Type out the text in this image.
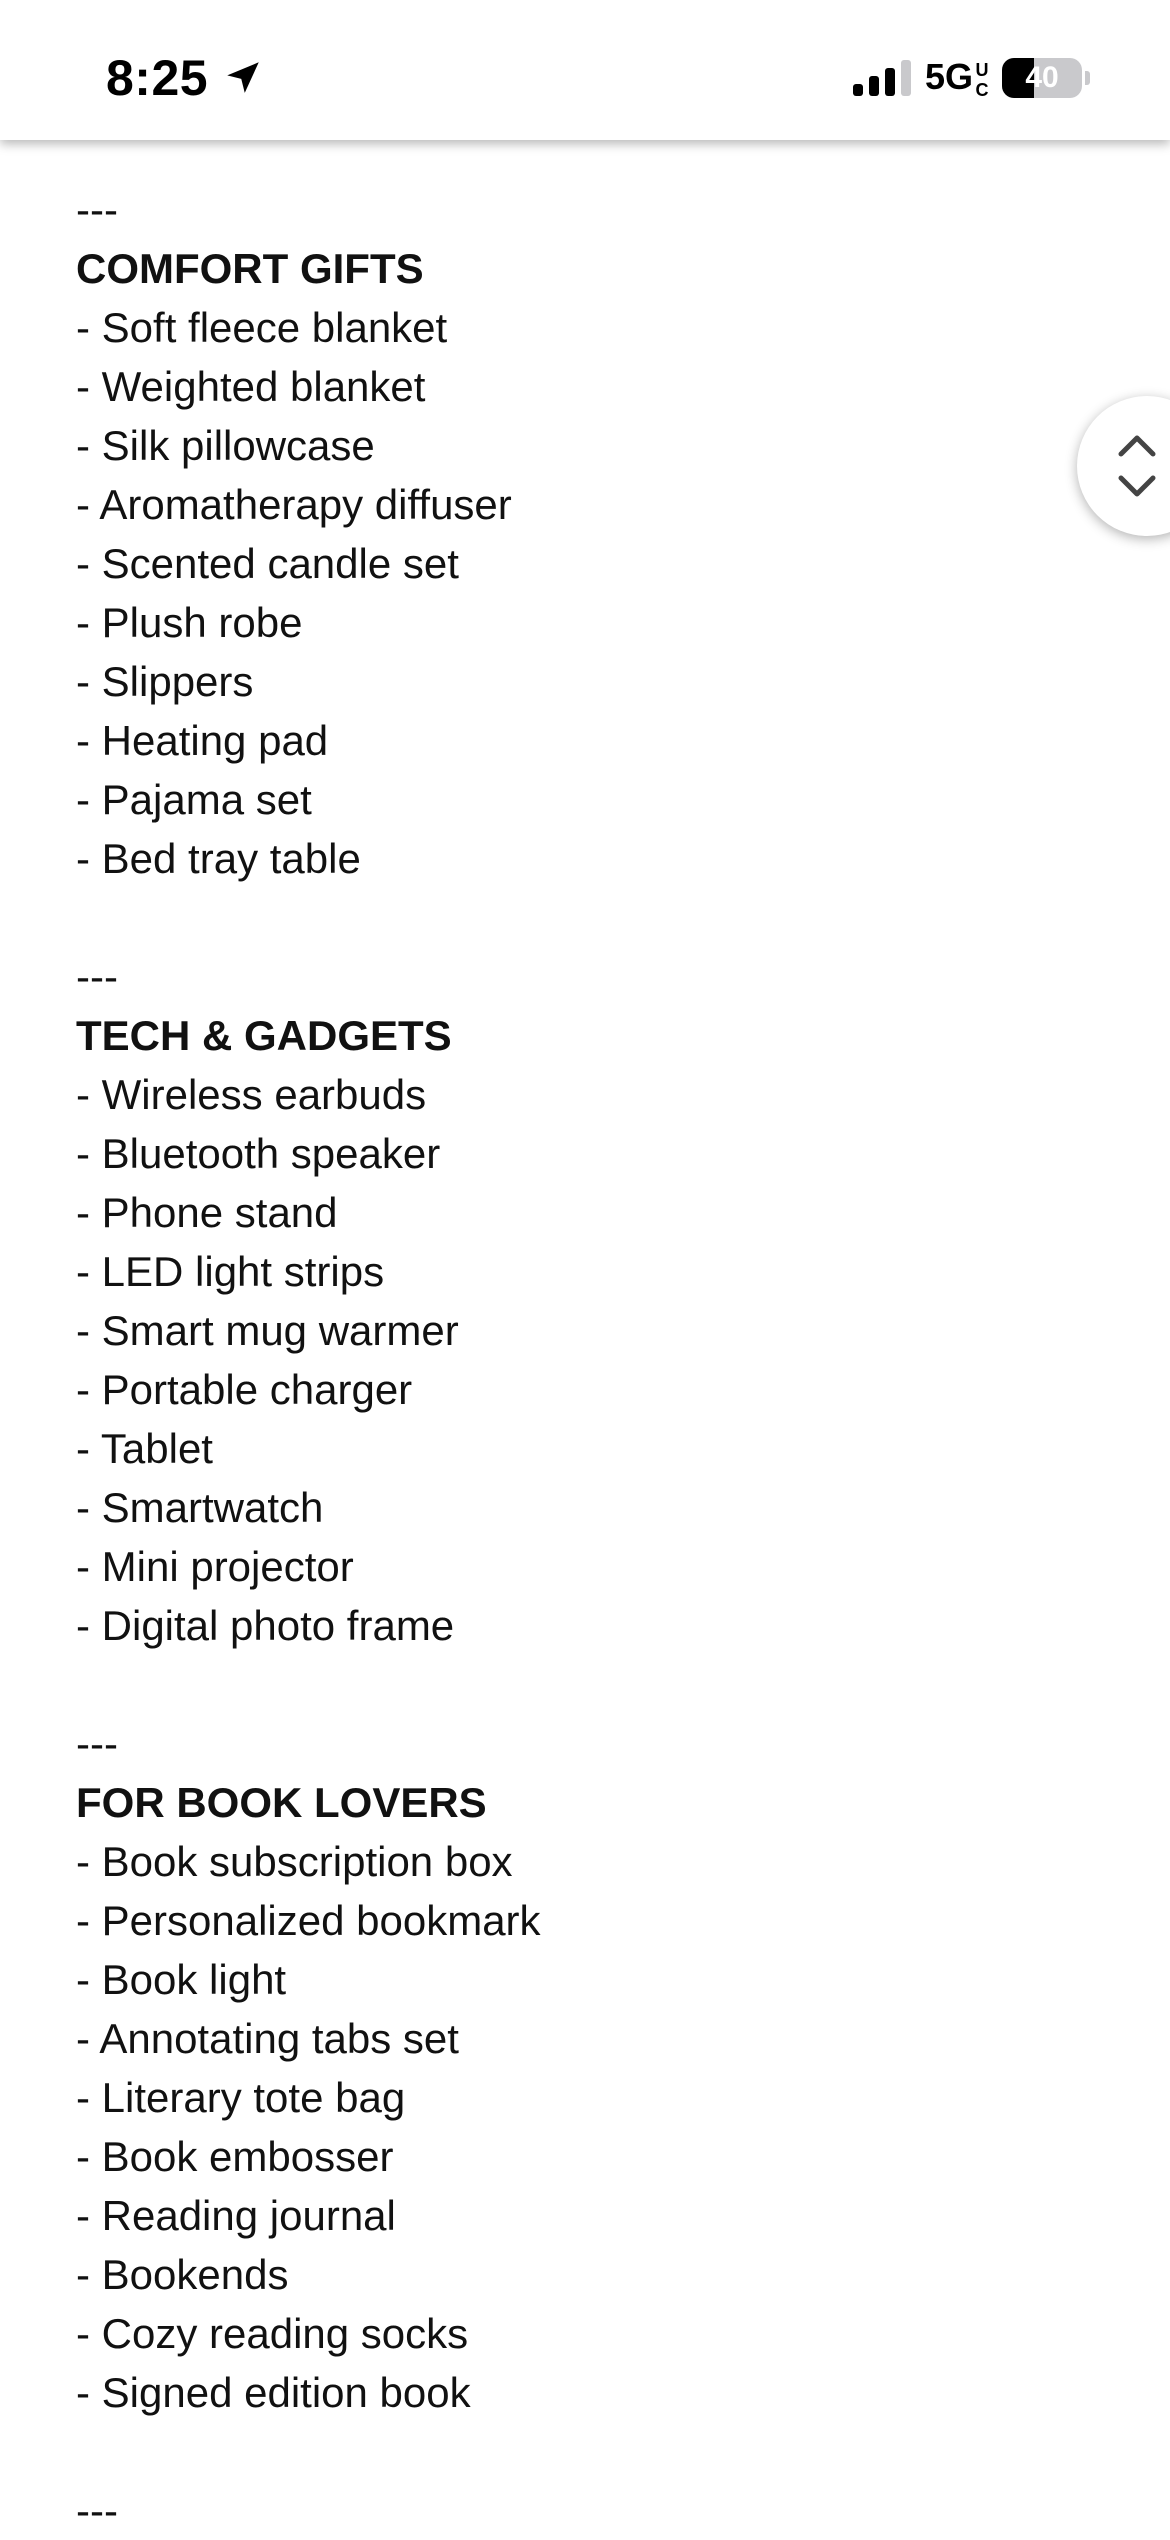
8:25	5GUC	40
---
COMFORT GIFTS
- Soft fleece blanket
- Weighted blanket
- Silk pillowcase
- Aromatherapy diffuser
- Scented candle set
- Plush robe
- Slippers
- Heating pad
- Pajama set
- Bed tray table
---
TECH & GADGETS
- Wireless earbuds
- Bluetooth speaker
- Phone stand
- LED light strips
- Smart mug warmer
- Portable charger
- Tablet
- Smartwatch
- Mini projector
- Digital photo frame
---
FOR BOOK LOVERS
- Book subscription box
- Personalized bookmark
- Book light
- Annotating tabs set
- Literary tote bag
- Book embosser
- Reading journal
- Bookends
- Cozy reading socks
- Signed edition book
---
